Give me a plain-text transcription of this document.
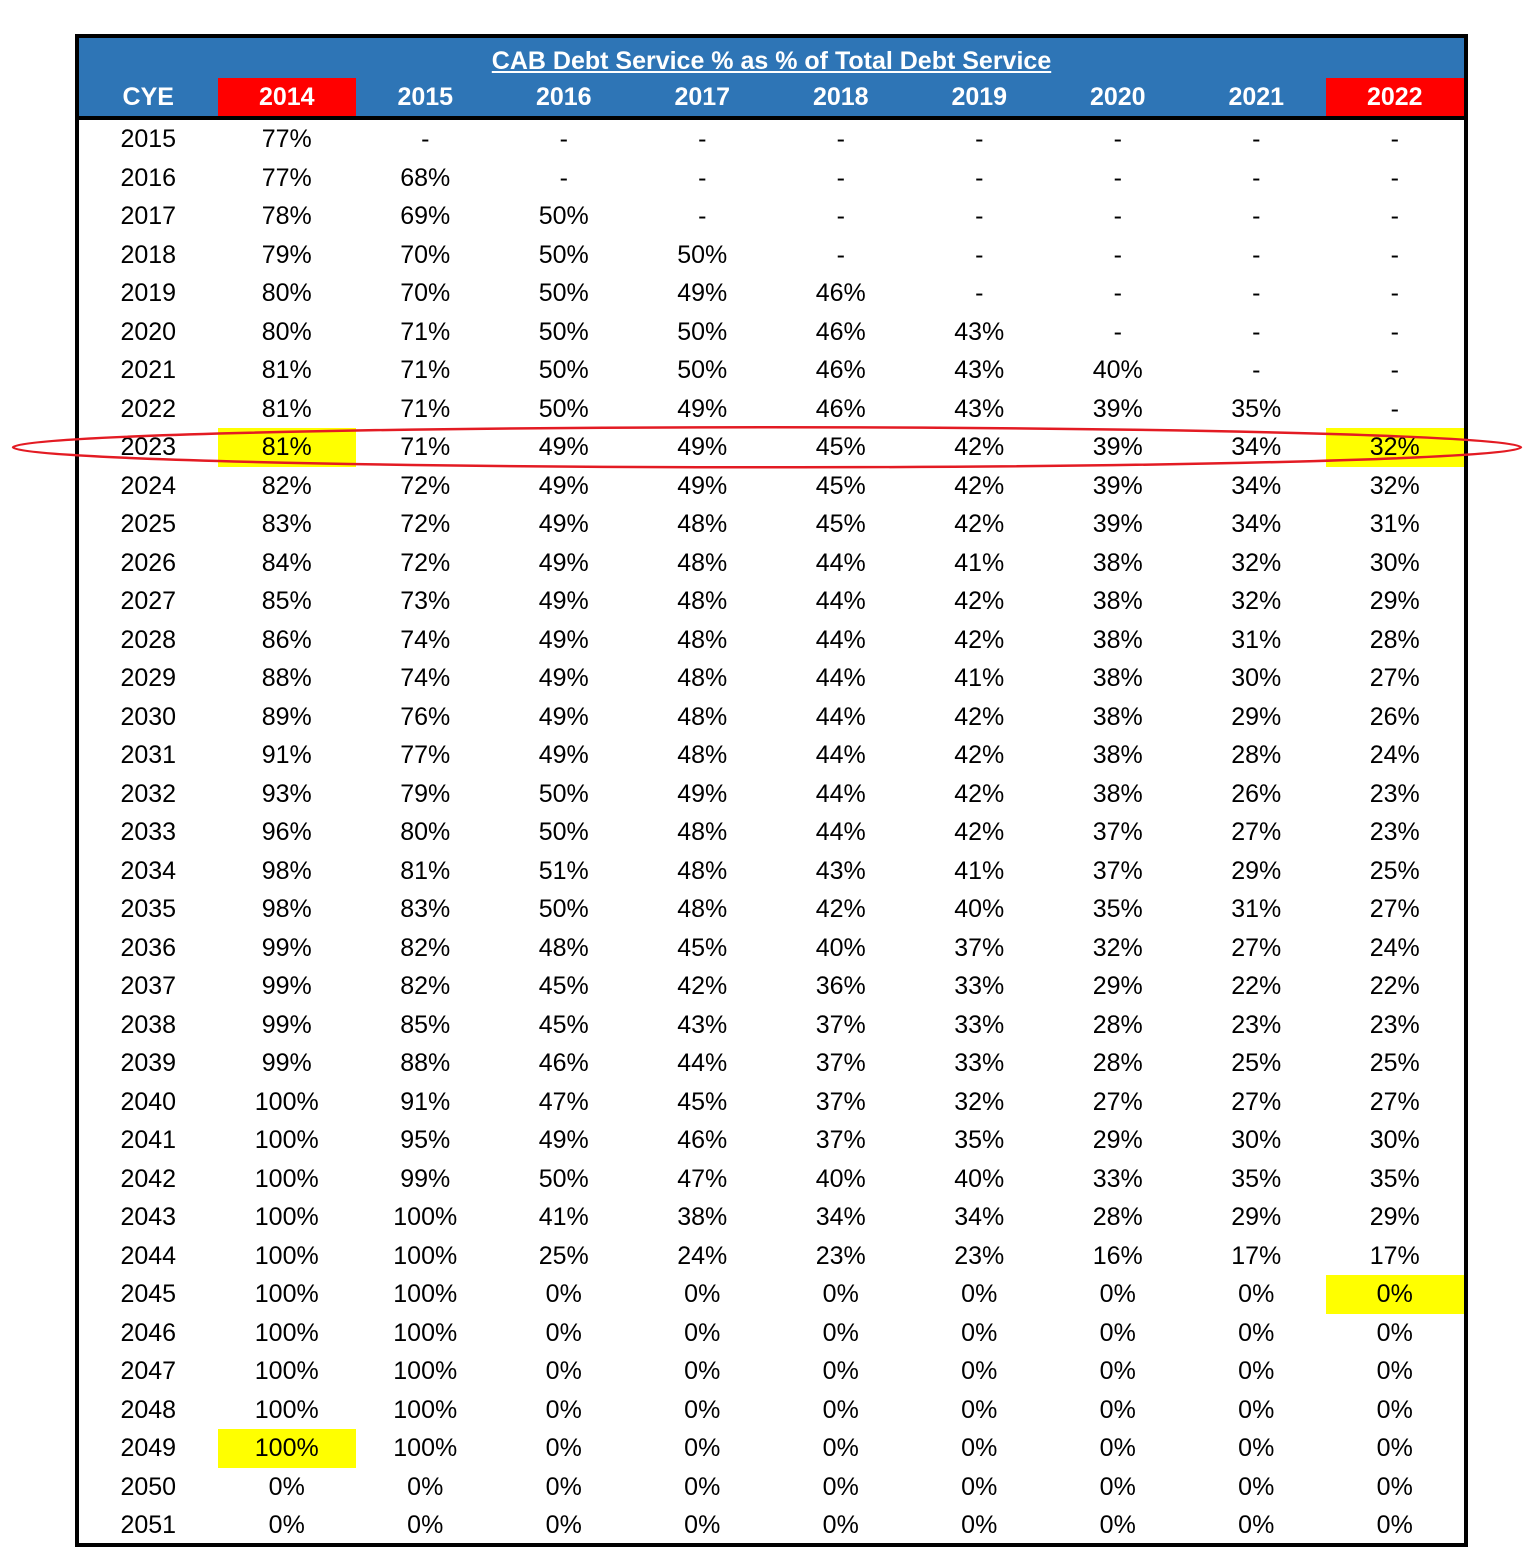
CAB Debt Service % as % of Total Debt Service
CYE	2014	2015	2016	2017	2018	2019	2020	2021	2022
2015	77%	-	-	-	-	-	-	-	-
2016	77%	68%	-	-	-	-	-	-	-
2017	78%	69%	50%	-	-	-	-	-	-
2018	79%	70%	50%	50%	-	-	-	-	-
2019	80%	70%	50%	49%	46%	-	-	-	-
2020	80%	71%	50%	50%	46%	43%	-	-	-
2021	81%	71%	50%	50%	46%	43%	40%	-	-
2022	81%	71%	50%	49%	46%	43%	39%	35%	-
2023	81%	71%	49%	49%	45%	42%	39%	34%	32%
2024	82%	72%	49%	49%	45%	42%	39%	34%	32%
2025	83%	72%	49%	48%	45%	42%	39%	34%	31%
2026	84%	72%	49%	48%	44%	41%	38%	32%	30%
2027	85%	73%	49%	48%	44%	42%	38%	32%	29%
2028	86%	74%	49%	48%	44%	42%	38%	31%	28%
2029	88%	74%	49%	48%	44%	41%	38%	30%	27%
2030	89%	76%	49%	48%	44%	42%	38%	29%	26%
2031	91%	77%	49%	48%	44%	42%	38%	28%	24%
2032	93%	79%	50%	49%	44%	42%	38%	26%	23%
2033	96%	80%	50%	48%	44%	42%	37%	27%	23%
2034	98%	81%	51%	48%	43%	41%	37%	29%	25%
2035	98%	83%	50%	48%	42%	40%	35%	31%	27%
2036	99%	82%	48%	45%	40%	37%	32%	27%	24%
2037	99%	82%	45%	42%	36%	33%	29%	22%	22%
2038	99%	85%	45%	43%	37%	33%	28%	23%	23%
2039	99%	88%	46%	44%	37%	33%	28%	25%	25%
2040	100%	91%	47%	45%	37%	32%	27%	27%	27%
2041	100%	95%	49%	46%	37%	35%	29%	30%	30%
2042	100%	99%	50%	47%	40%	40%	33%	35%	35%
2043	100%	100%	41%	38%	34%	34%	28%	29%	29%
2044	100%	100%	25%	24%	23%	23%	16%	17%	17%
2045	100%	100%	0%	0%	0%	0%	0%	0%	0%
2046	100%	100%	0%	0%	0%	0%	0%	0%	0%
2047	100%	100%	0%	0%	0%	0%	0%	0%	0%
2048	100%	100%	0%	0%	0%	0%	0%	0%	0%
2049	100%	100%	0%	0%	0%	0%	0%	0%	0%
2050	0%	0%	0%	0%	0%	0%	0%	0%	0%
2051	0%	0%	0%	0%	0%	0%	0%	0%	0%
